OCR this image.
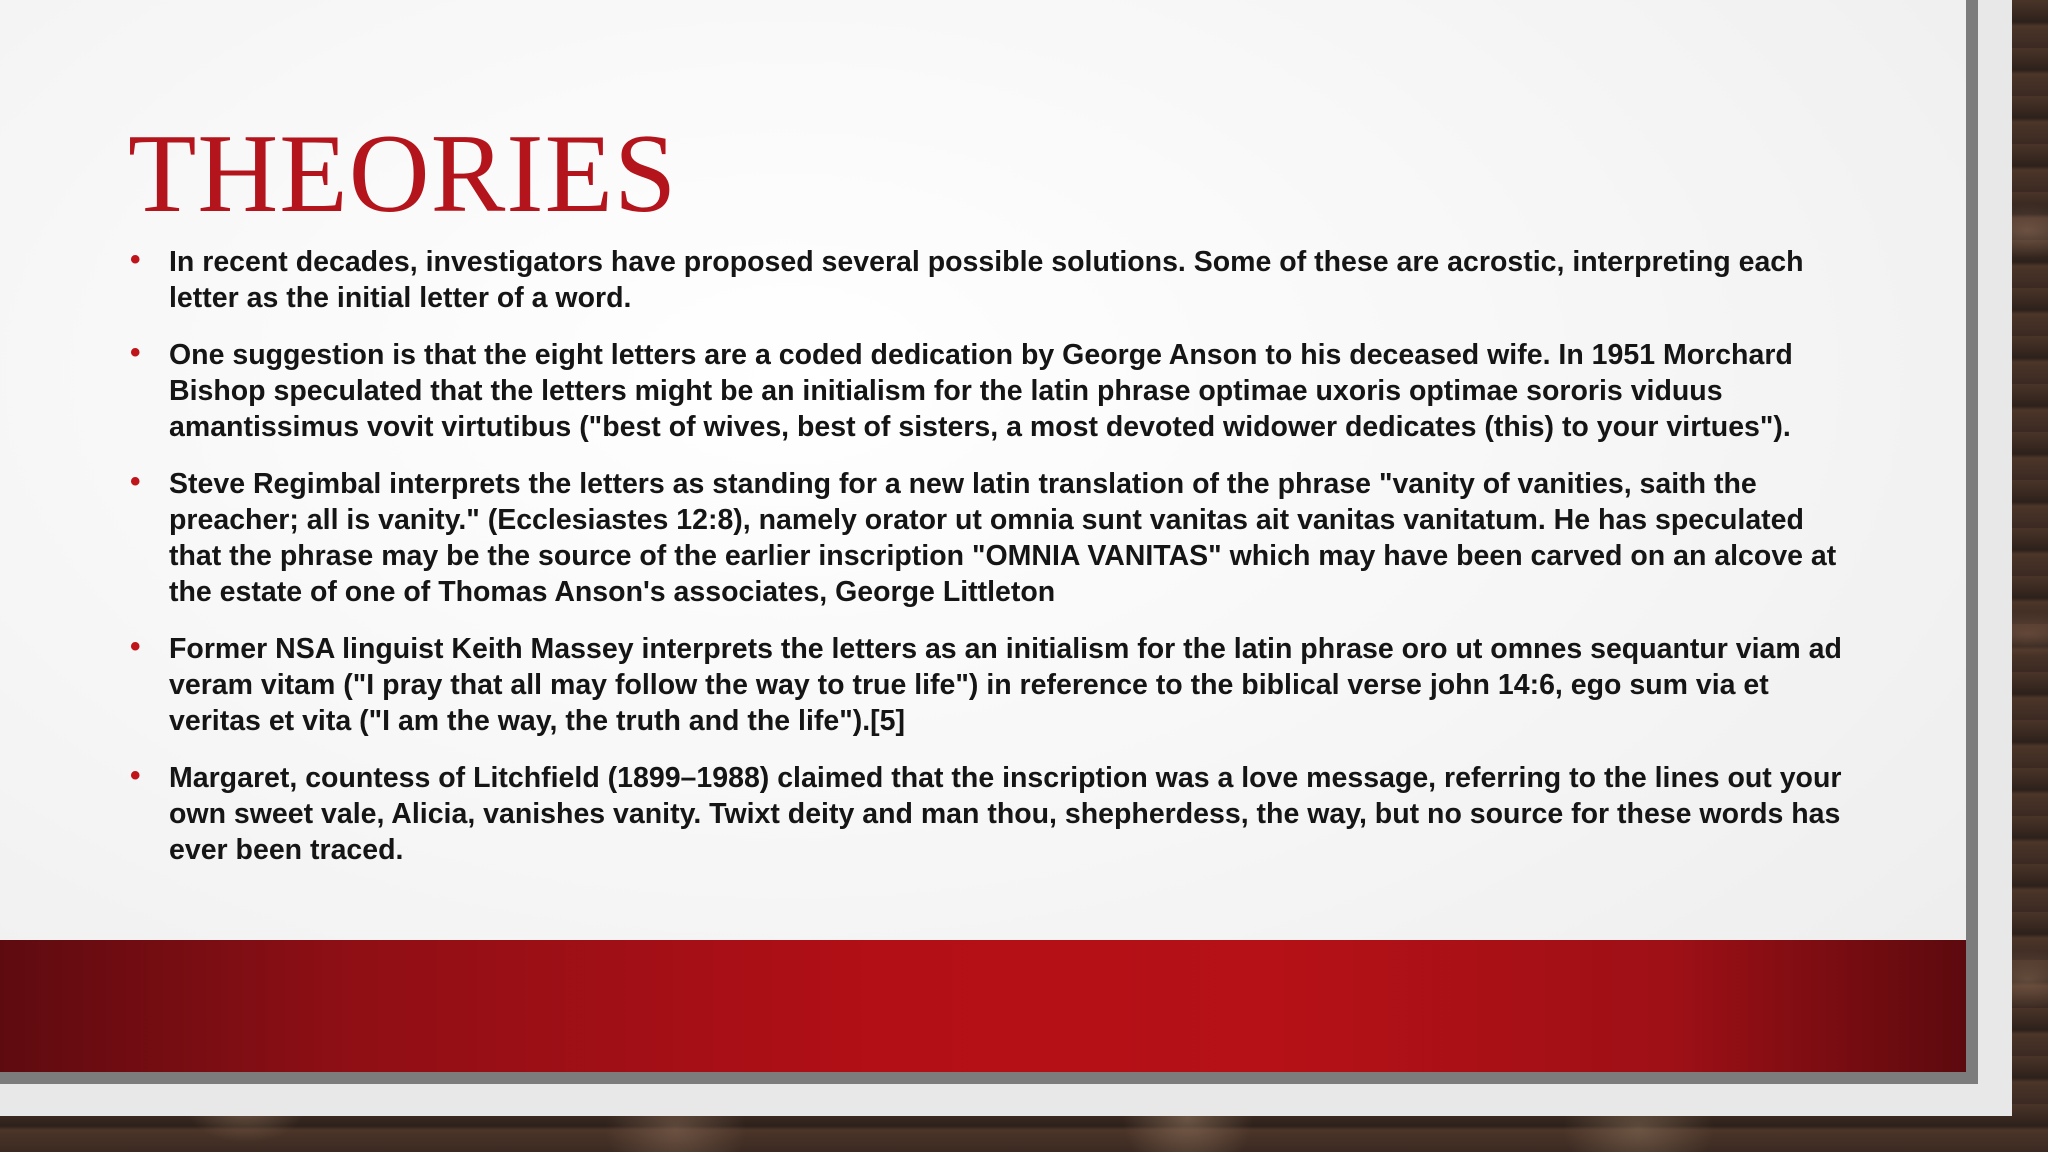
THEORIES
• In recent decades, investigators have proposed several possible solutions. Some of these are acrostic, interpreting each letter as the initial letter of a word.
• One suggestion is that the eight letters are a coded dedication by George Anson to his deceased wife. In 1951 Morchard Bishop speculated that the letters might be an initialism for the latin phrase optimae uxoris optimae sororis viduus amantissimus vovit virtutibus ("best of wives, best of sisters, a most devoted widower dedicates (this) to your virtues").
• Steve Regimbal interprets the letters as standing for a new latin translation of the phrase "vanity of vanities, saith the preacher; all is vanity." (Ecclesiastes 12:8), namely orator ut omnia sunt vanitas ait vanitas vanitatum. He has speculated that the phrase may be the source of the earlier inscription "OMNIA VANITAS" which may have been carved on an alcove at the estate of one of Thomas Anson's associates, George Littleton
• Former NSA linguist Keith Massey interprets the letters as an initialism for the latin phrase oro ut omnes sequantur viam ad veram vitam ("I pray that all may follow the way to true life") in reference to the biblical verse john 14:6, ego sum via et veritas et vita ("I am the way, the truth and the life").[5]
• Margaret, countess of Litchfield (1899–1988) claimed that the inscription was a love message, referring to the lines out your own sweet vale, Alicia, vanishes vanity. Twixt deity and man thou, shepherdess, the way, but no source for these words has ever been traced.
